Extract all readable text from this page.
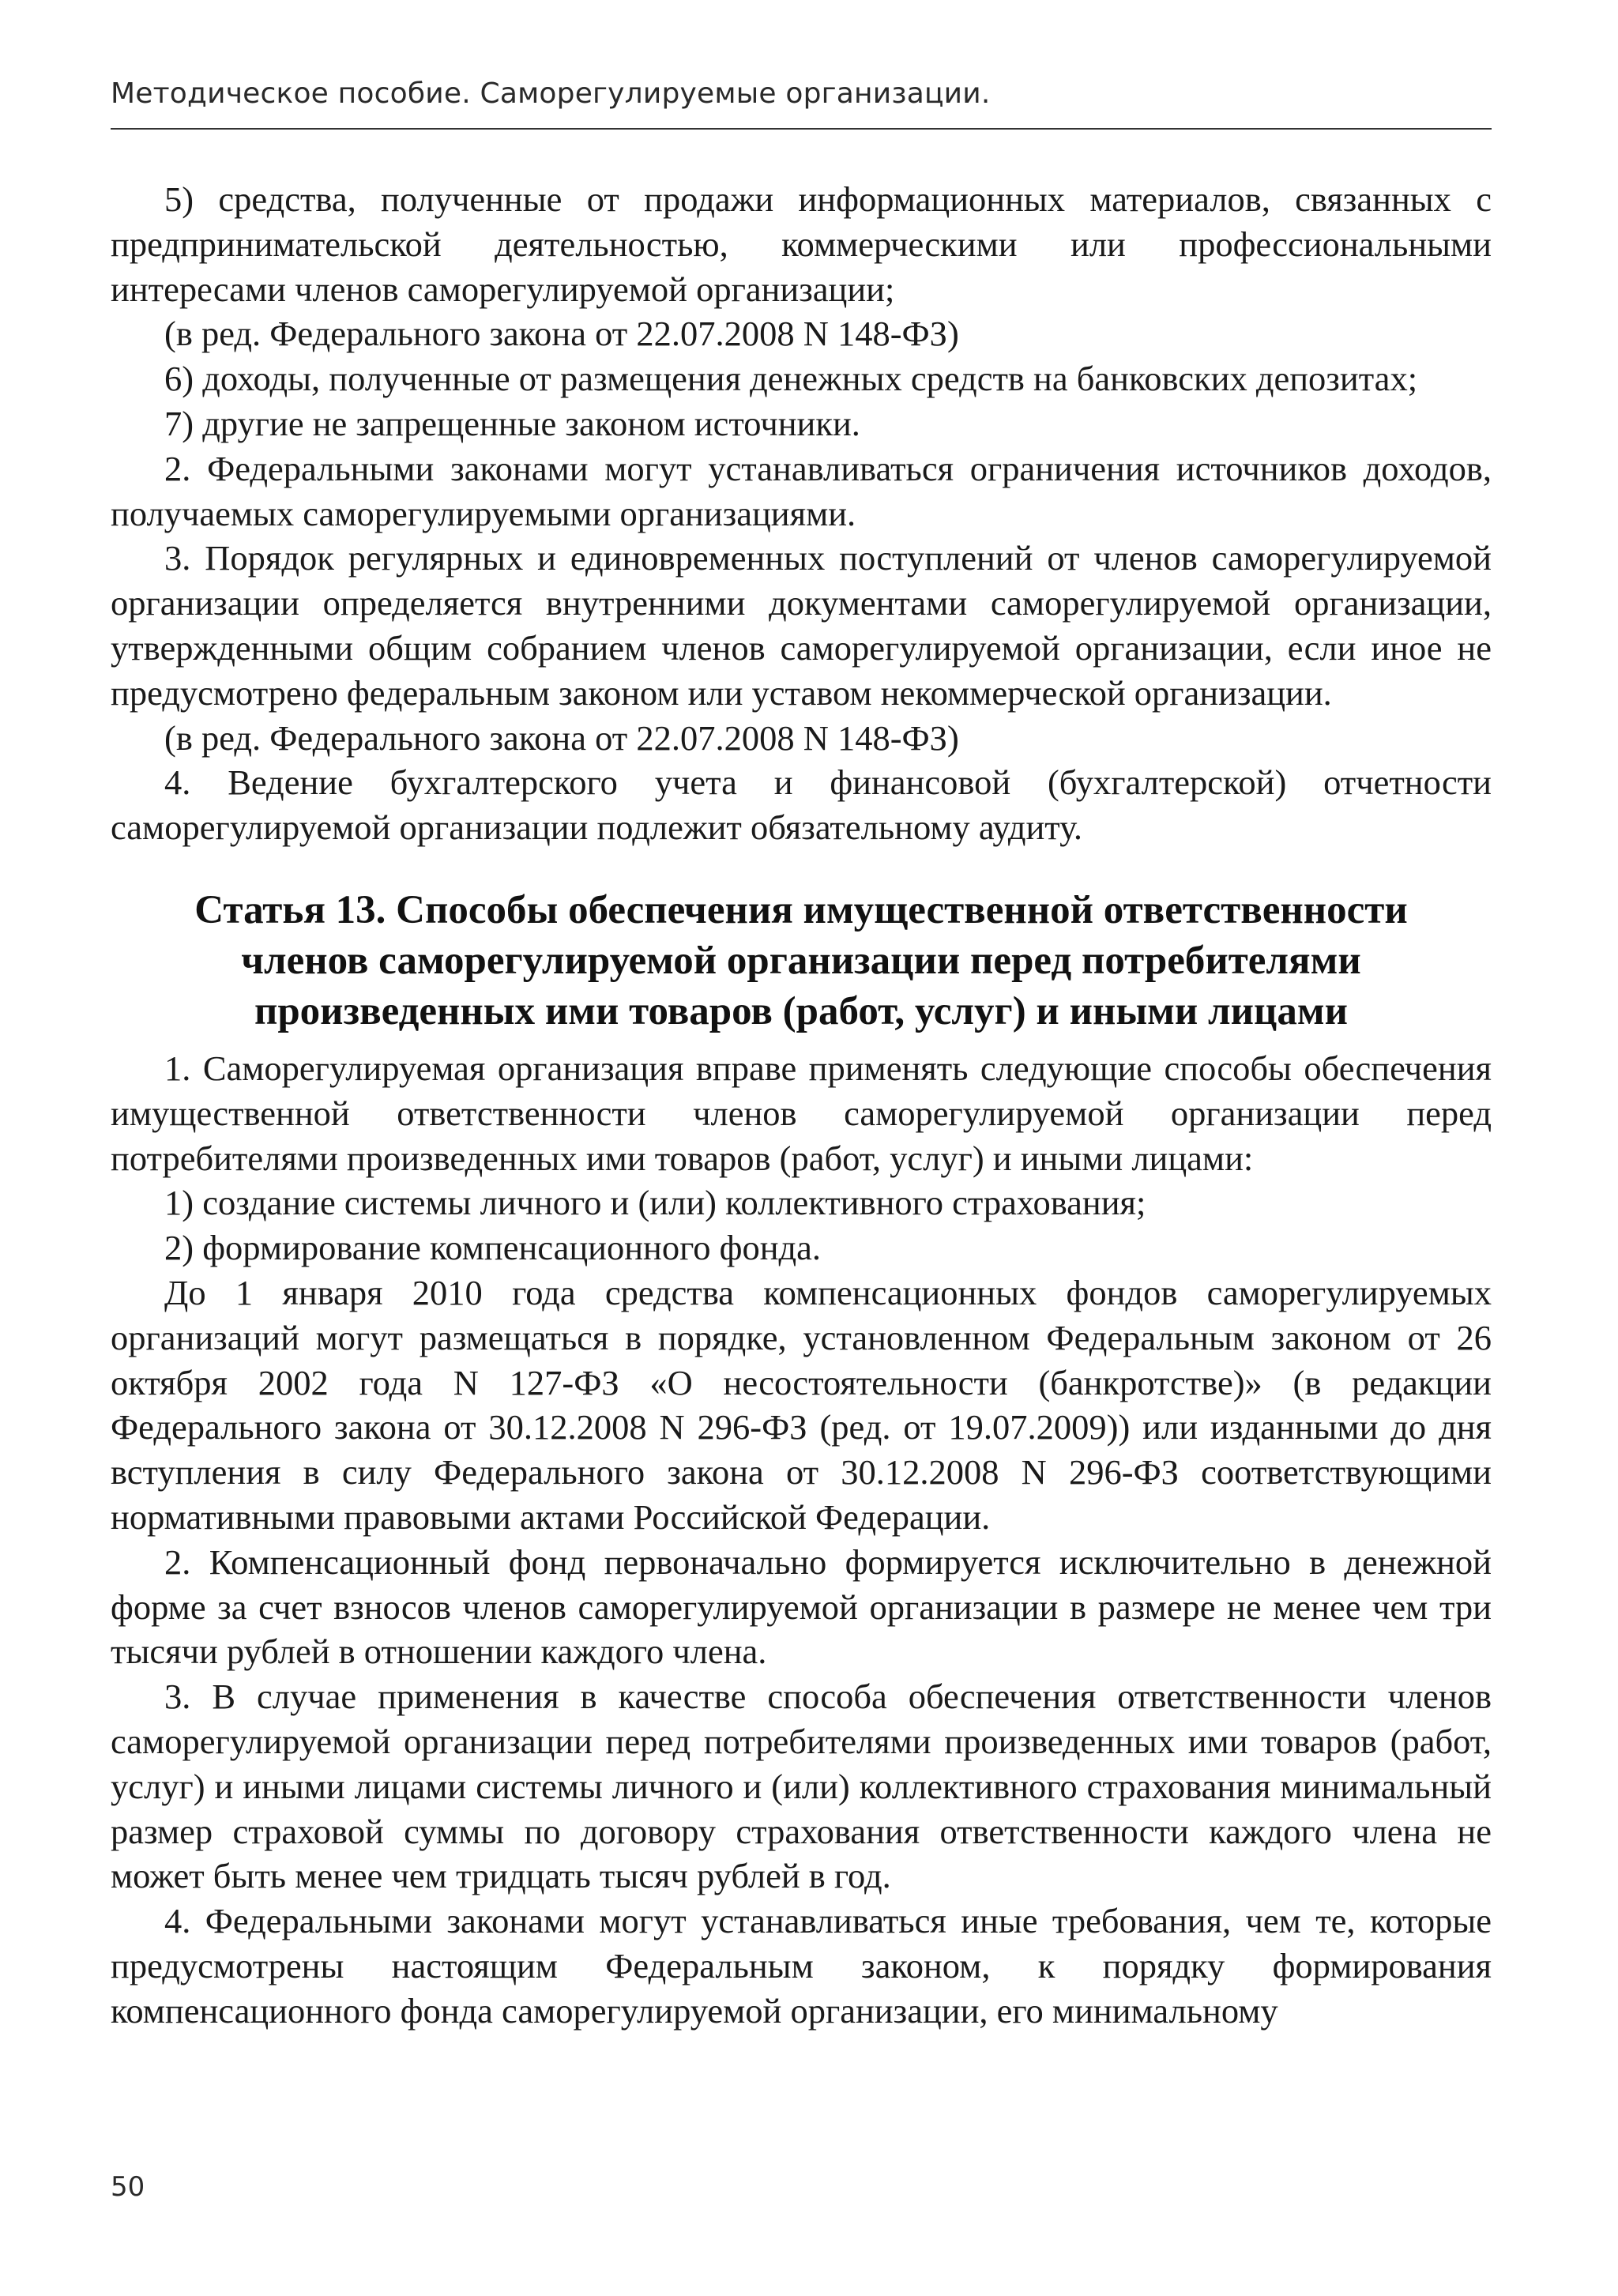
Методическое пособие. Саморегулируемые организации.

5) средства, полученные от продажи информационных материалов, связанных с предпринимательской деятельностью, коммерческими или профессиональными интересами членов саморегулируемой организации;

(в ред. Федерального закона от 22.07.2008 N 148-ФЗ)

6) доходы, полученные от размещения денежных средств на банковских депозитах;

7) другие не запрещенные законом источники.

2. Федеральными законами могут устанавливаться ограничения источников доходов, получаемых саморегулируемыми организациями.

3. Порядок регулярных и единовременных поступлений от членов саморегулируемой организации определяется внутренними документами саморегулируемой организации, утвержденными общим собранием членов саморегулируемой организации, если иное не предусмотрено федеральным законом или уставом некоммерческой организации.

(в ред. Федерального закона от 22.07.2008 N 148-ФЗ)

4. Ведение бухгалтерского учета и финансовой (бухгалтерской) отчетности саморегулируемой организации подлежит обязательному аудиту.

Статья 13. Способы обеспечения имущественной ответственности
членов саморегулируемой организации перед потребителями
произведенных ими товаров (работ, услуг) и иными лицами

1. Саморегулируемая организация вправе применять следующие способы обеспечения имущественной ответственности членов саморегулируемой организации перед потребителями произведенных ими товаров (работ, услуг) и иными лицами:

1) создание системы личного и (или) коллективного страхования;

2) формирование компенсационного фонда.

До 1 января 2010 года средства компенсационных фондов саморегулируемых организаций могут размещаться в порядке, установленном Федеральным законом от 26 октября 2002 года N 127-ФЗ «О несостоятельности (банкротстве)» (в редакции Федерального закона от 30.12.2008 N 296-ФЗ (ред. от 19.07.2009)) или изданными до дня вступления в силу Федерального закона от 30.12.2008 N 296-ФЗ соответствующими нормативными правовыми актами Российской Федерации.

2. Компенсационный фонд первоначально формируется исключительно в денежной форме за счет взносов членов саморегулируемой организации в размере не менее чем три тысячи рублей в отношении каждого члена.

3. В случае применения в качестве способа обеспечения ответственности членов саморегулируемой организации перед потребителями произведенных ими товаров (работ, услуг) и иными лицами системы личного и (или) коллективного страхования минимальный размер страховой суммы по договору страхования ответственности каждого члена не может быть менее чем тридцать тысяч рублей в год.

4. Федеральными законами могут устанавливаться иные требования, чем те, которые предусмотрены настоящим Федеральным законом, к порядку формирования компенсационного фонда саморегулируемой организации, его минимальному

50
